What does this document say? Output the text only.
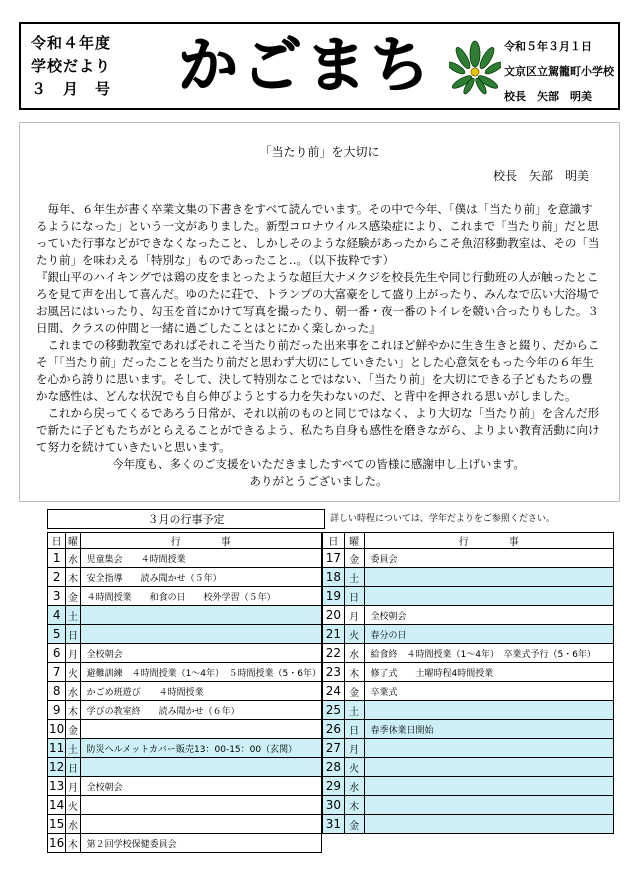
令和４年度
学校だより
３　月　号	かごまち	令和５年３月１日
文京区立駕籠町小学校
校長　矢部　明美
「当たり前」を大切に
校長　矢部　明美

毎年、６年生が書く卒業文集の下書きをすべて読んでいます。その中で今年、「僕は「当たり前」を意識するようになった」という一文がありました。新型コロナウイルス感染症により、これまで「当たり前」だと思っていた行事などができなくなったこと、しかしそのような経験があったからこそ魚沼移動教室は、その「当たり前」を味わえる「特別な」ものであったこと‥。（以下抜粋です）

『銀山平のハイキングでは鶏の皮をまとったような超巨大ナメクジを校長先生や同じ行動班の人が触ったところを見て声を出して喜んだ。ゆのたに荘で、トランプの大富豪をして盛り上がったり、みんなで広い大浴場でお風呂にはいったり、勾玉を首にかけて写真を撮ったり、朝一番・夜一番のトイレを競い合ったりもした。３日間、クラスの仲間と一緒に過ごしたことはとにかく楽しかった』

これまでの移動教室であればそれこそ当たり前だった出来事をこれほど鮮やかに生き生きと綴り、だからこそ「「当たり前」だったことを当たり前だと思わず大切にしていきたい」とした心意気をもった今年の６年生を心から誇りに思います。そして、決して特別なことではない、「当たり前」を大切にできる子どもたちの豊かな感性は、どんな状況でも自ら伸びようとする力を失わないのだ、と背中を押される思いがしました。

これから戻ってくるであろう日常が、それ以前のものと同じではなく、より大切な「当たり前」を含んだ形で新たに子どもたちがとらえることができるよう、私たち自身も感性を磨きながら、よりよい教育活動に向けて努力を続けていきたいと思います。

今年度も、多くのご支援をいただきましたすべての皆様に感謝申し上げいます。

ありがとうございました。

３月の行事予定	詳しい時程については、学年だよりをご参照ください。
日	曜	行　　　　事
1	水	児童集会　　４時間授業
2	木	安全指導　　読み聞かせ（５年）
3	金	４時間授業　　和食の日　　校外学習（５年）
4	土	
5	日	
6	月	全校朝会
7	火	避難訓練　４時間授業（1～4年）　５時間授業（5・6年）
8	水	かごめ班遊び　　４時間授業
9	木	学びの教室終　　読み聞かせ（６年）
10	金	
11	土	防災ヘルメットカバー販売13：00-15：00（玄関）
12	日	
13	月	全校朝会
14	火	
15	水	
16	木	第２回学校保健委員会
日	曜	行　　　　事
17	金	委員会
18	土	
19	日	
20	月	全校朝会
21	火	春分の日
22	水	給食終　４時間授業（1～4年）　卒業式予行（5・6年）
23	木	修了式　　土曜時程4時間授業
24	金	卒業式
25	土	
26	日	春季休業日開始
27	月	
28	火	
29	水	
30	木	
31	金	
